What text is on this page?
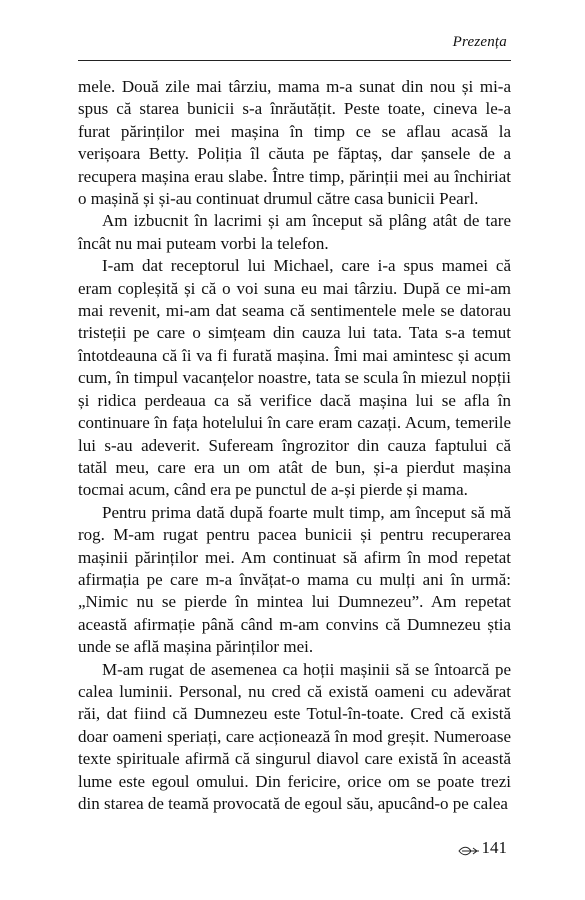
Prezența

mele. Două zile mai târziu, mama m-a sunat din nou și mi-a spus că starea bunicii s-a înrăutățit. Peste toate, cineva le-a furat părinților mei mașina în timp ce se aflau acasă la verișoara Betty. Poliția îl căuta pe făptaș, dar șansele de a recupera mașina erau slabe. Între timp, părinții mei au închiriat o mașină și și-au continuat drumul către casa bunicii Pearl.

Am izbucnit în lacrimi și am început să plâng atât de tare încât nu mai puteam vorbi la telefon.

I-am dat receptorul lui Michael, care i-a spus mamei că eram copleșită și că o voi suna eu mai târziu. După ce mi-am mai revenit, mi-am dat seama că sentimentele mele se datorau tristeții pe care o simțeam din cauza lui tata. Tata s-a temut întotdeauna că îi va fi furată mașina. Îmi mai amintesc și acum cum, în timpul vacanțelor noastre, tata se scula în miezul nopții și ridica perdeaua ca să verifice dacă mașina lui se afla în continuare în fața hotelului în care eram cazați. Acum, temerile lui s-au adeverit. Sufeream îngrozitor din cauza faptului că tatăl meu, care era un om atât de bun, și-a pierdut mașina tocmai acum, când era pe punctul de a-și pierde și mama.

Pentru prima dată după foarte mult timp, am început să mă rog. M-am rugat pentru pacea bunicii și pentru recuperarea mașinii părinților mei. Am continuat să afirm în mod repetat afirmația pe care m-a învățat-o mama cu mulți ani în urmă: „Nimic nu se pierde în mintea lui Dumnezeu”. Am repetat această afirmație până când m-am convins că Dumnezeu știa unde se află mașina părinților mei.

M-am rugat de asemenea ca hoții mașinii să se întoarcă pe calea luminii. Personal, nu cred că există oameni cu adevărat răi, dat fiind că Dumnezeu este Totul-în-toate. Cred că există doar oameni speriați, care acționează în mod greșit. Numeroase texte spirituale afirmă că singurul diavol care există în această lume este egoul omului. Din fericire, orice om se poate trezi din starea de teamă provocată de egoul său, apucând-o pe calea

141
